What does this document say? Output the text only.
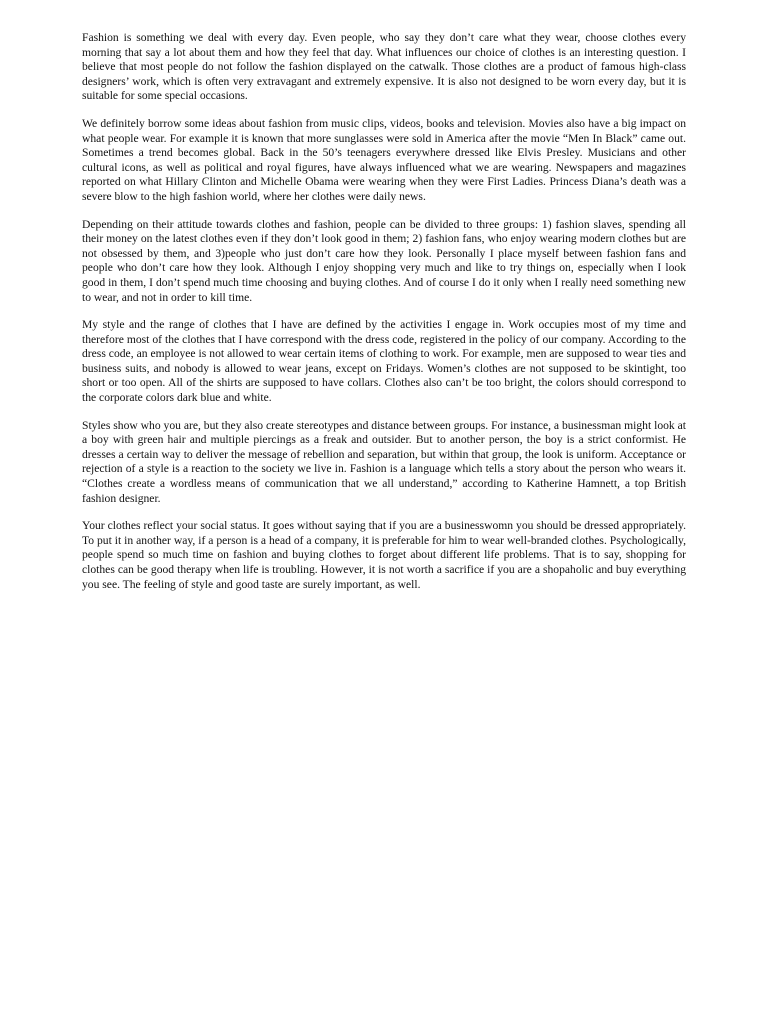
Fashion is something we deal with every day. Even people, who say they don’t care what they wear, choose clothes every morning that say a lot about them and how they feel that day. What influences our choice of clothes is an interesting question. I believe that most people do not follow the fashion displayed on the catwalk. Those clothes are a product of famous high-class designers’ work, which is often very extravagant and extremely expensive. It is also not designed to be worn every day, but it is suitable for some special occasions.

We definitely borrow some ideas about fashion from music clips, videos, books and television. Movies also have a big impact on what people wear. For example it is known that more sunglasses were sold in America after the movie “Men In Black” came out. Sometimes a trend becomes global. Back in the 50’s teenagers everywhere dressed like Elvis Presley. Musicians and other cultural icons, as well as political and royal figures, have always influenced what we are wearing. Newspapers and magazines reported on what Hillary Clinton and Michelle Obama were wearing when they were First Ladies. Princess Diana’s death was a severe blow to the high fashion world, where her clothes were daily news.

Depending on their attitude towards clothes and fashion, people can be divided to three groups: 1) fashion slaves, spending all their money on the latest clothes even if they don’t look good in them; 2) fashion fans, who enjoy wearing modern clothes but are not obsessed by them, and 3)people who just don’t care how they look. Personally I place myself between fashion fans and people who don’t care how they look. Although I enjoy shopping very much and like to try things on, especially when I look good in them, I don’t spend much time choosing and buying clothes. And of course I do it only when I really need something new to wear, and not in order to kill time.

My style and the range of clothes that I have are defined by the activities I engage in. Work occupies most of my time and therefore most of the clothes that I have correspond with the dress code, registered in the policy of our company. According to the dress code, an employee is not allowed to wear certain items of clothing to work. For example, men are supposed to wear ties and business suits, and nobody is allowed to wear jeans, except on Fridays. Women’s clothes are not supposed to be skintight, too short or too open. All of the shirts are supposed to have collars. Clothes also can’t be too bright, the colors should correspond to the corporate colors dark blue and white.

Styles show who you are, but they also create stereotypes and distance between groups. For instance, a businessman might look at a boy with green hair and multiple piercings as a freak and outsider. But to another person, the boy is a strict conformist. He dresses a certain way to deliver the message of rebellion and separation, but within that group, the look is uniform. Acceptance or rejection of a style is a reaction to the society we live in. Fashion is a language which tells a story about the person who wears it. “Clothes create a wordless means of communication that we all understand,” according to Katherine Hamnett, a top British fashion designer.

Your clothes reflect your social status. It goes without saying that if you are a businesswomn you should be dressed appropriately. To put it in another way, if a person is a head of a company, it is preferable for him to wear well-branded clothes. Psychologically, people spend so much time on fashion and buying clothes to forget about different life problems. That is to say, shopping for clothes can be good therapy when life is troubling. However, it is not worth a sacrifice if you are a shopaholic and buy everything you see. The feeling of style and good taste are surely important, as well.
